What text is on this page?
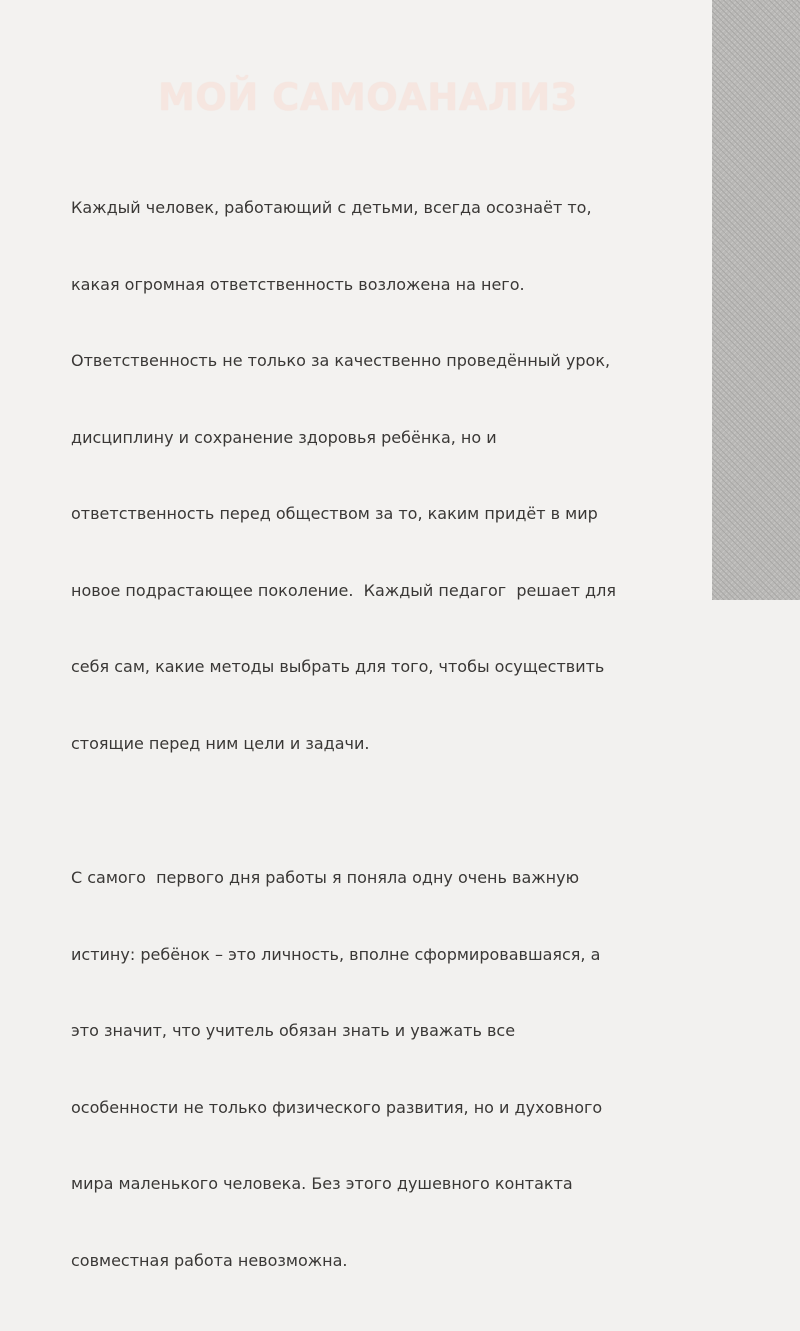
МОЙ САМОАНАЛИЗ

Каждый человек, работающий с детьми, всегда осознаёт то,

какая огромная ответственность возложена на него.

Ответственность не только за качественно проведённый урок,

дисциплину и сохранение здоровья ребёнка, но и

ответственность перед обществом за то, каким придёт в мир

новое подрастающее поколение.  Каждый педагог  решает для

себя сам, какие методы выбрать для того, чтобы осуществить

стоящие перед ним цели и задачи.

С самого  первого дня работы я поняла одну очень важную

истину: ребёнок – это личность, вполне сформировавшаяся, а

это значит, что учитель обязан знать и уважать все

особенности не только физического развития, но и духовного

мира маленького человека. Без этого душевного контакта

совместная работа невозможна.
